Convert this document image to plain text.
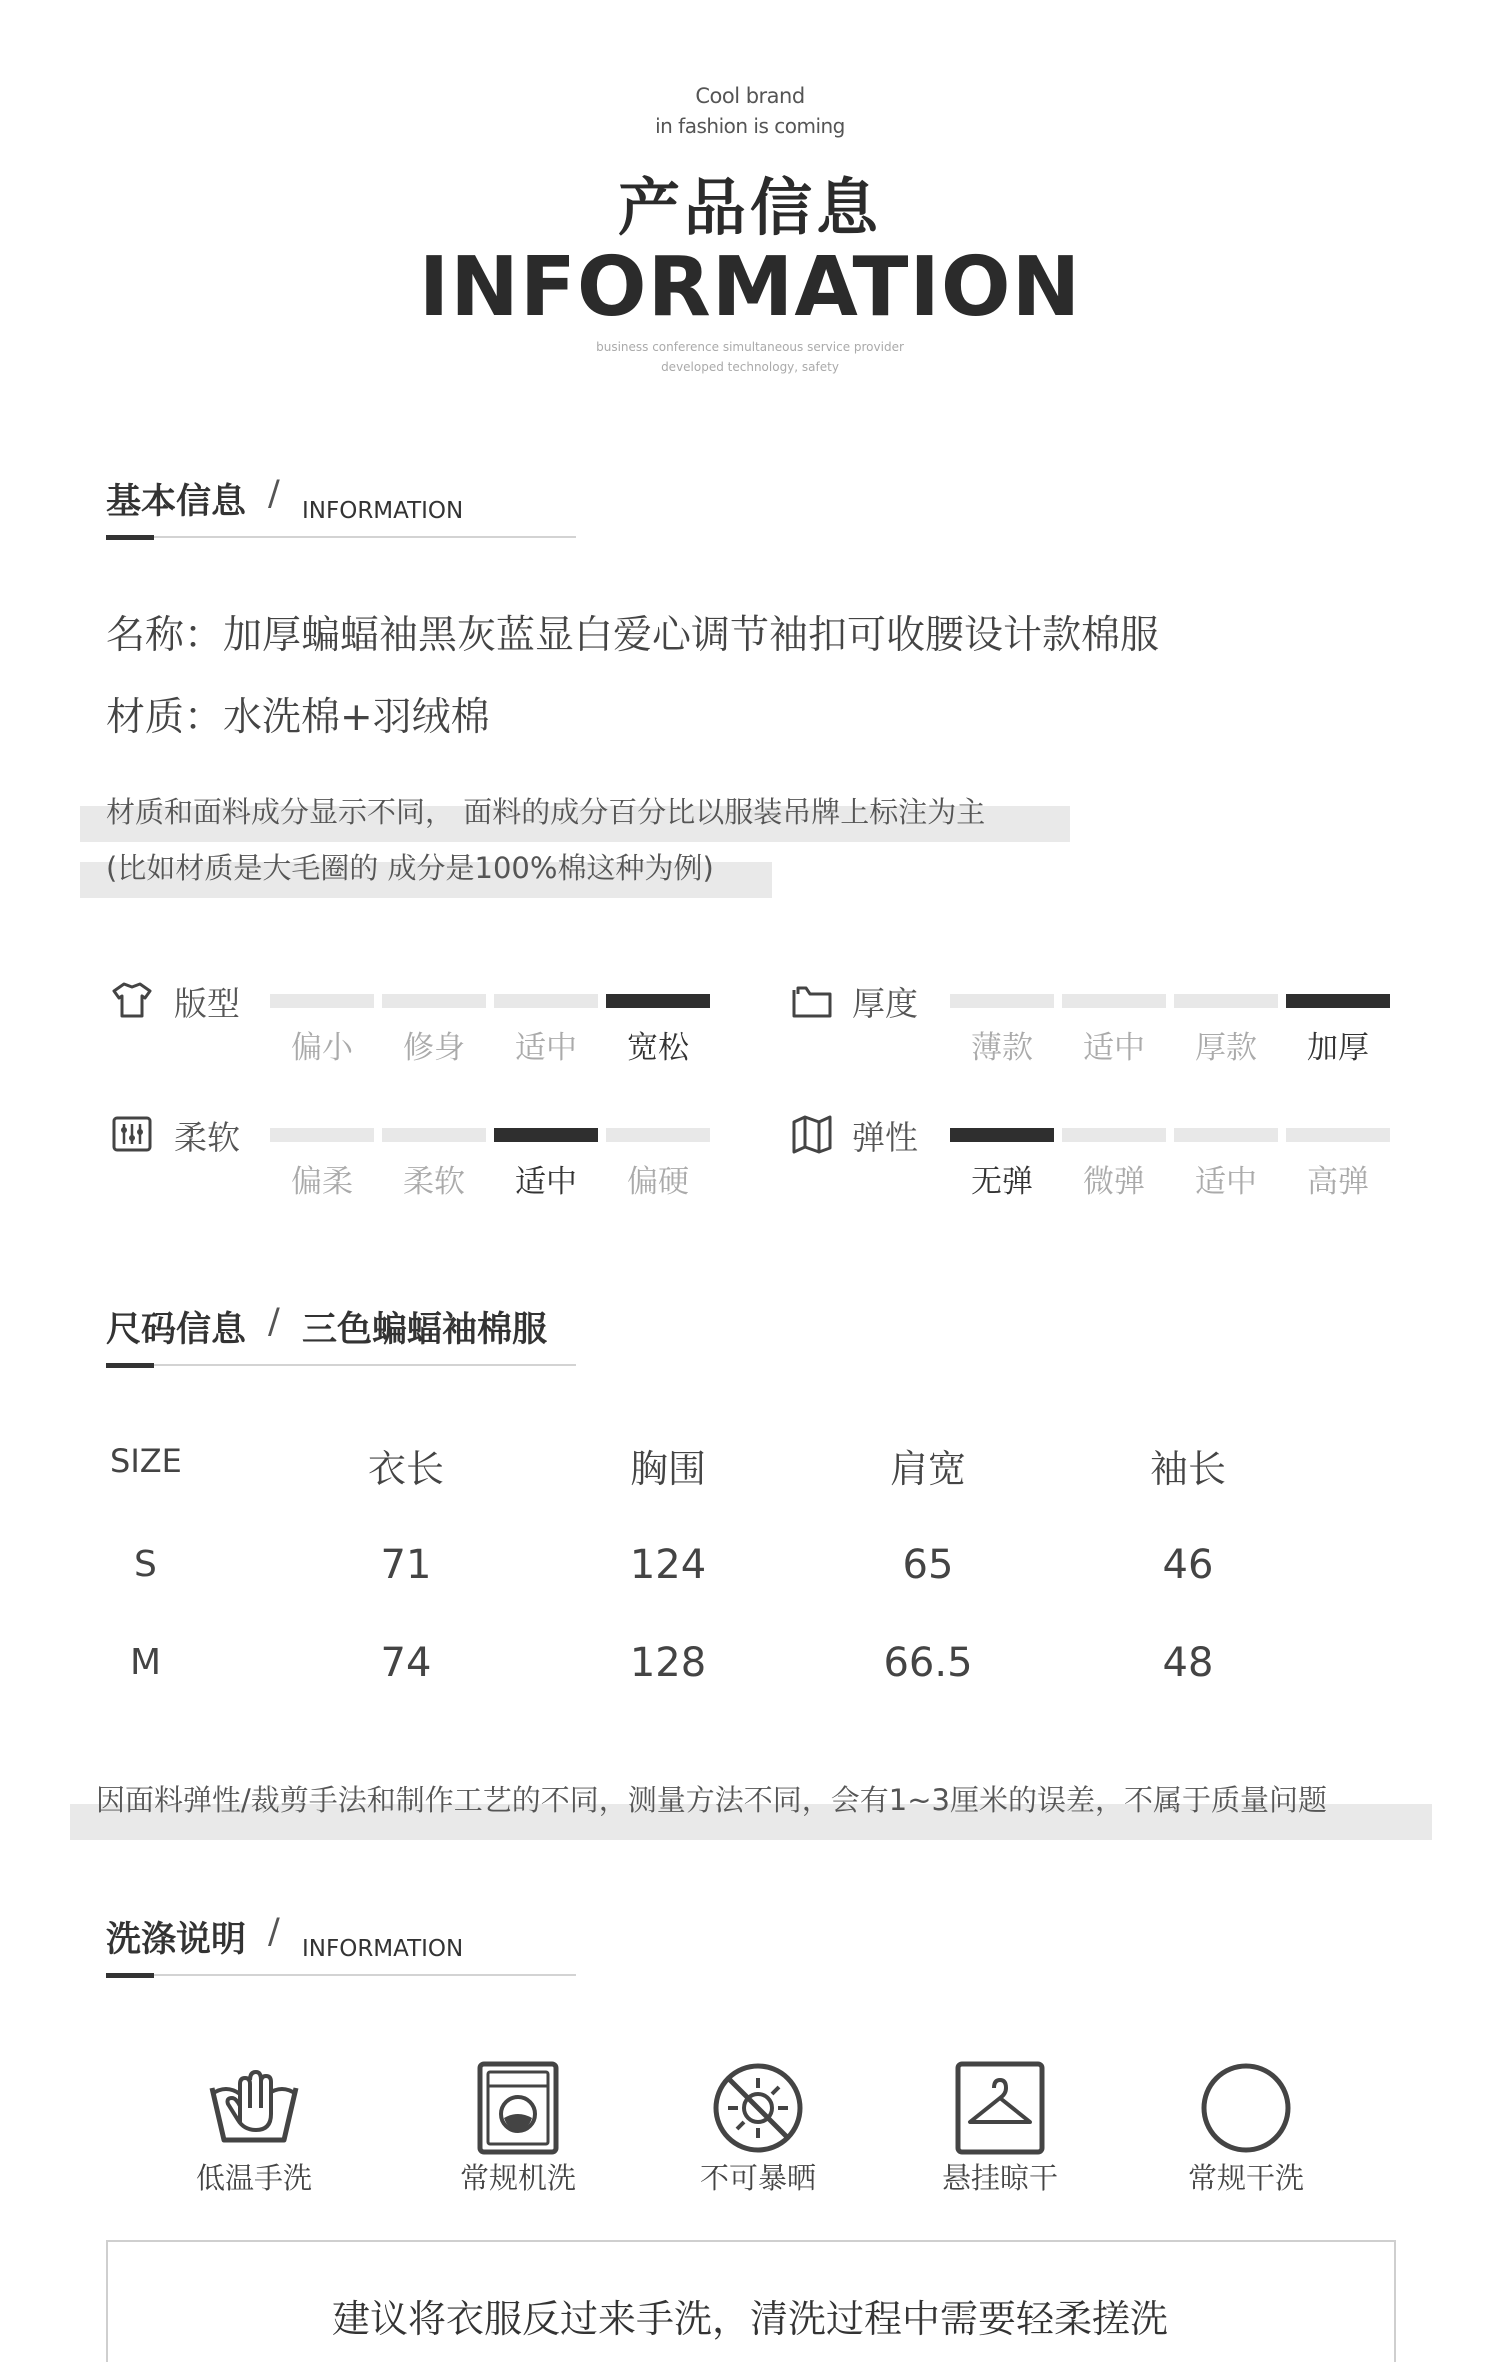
Cool brand
in fashion is coming
产品信息
INFORMATION
business conference simultaneous service provider
developed technology, safety
基本信息 / INFORMATION
名称：加厚蝙蝠袖黑灰蓝显白爱心调节袖扣可收腰设计款棉服
材质：水洗棉+羽绒棉
材质和面料成分显示不同， 面料的成分百分比以服装吊牌上标注为主
(比如材质是大毛圈的 成分是100%棉这种为例)
版型
偏小	修身	适中	宽松
厚度
薄款	适中	厚款	加厚
柔软
偏柔	柔软	适中	偏硬
弹性
无弹	微弹	适中	高弹
尺码信息 / 三色蝙蝠袖棉服
SIZE	衣长	胸围	肩宽	袖长
S	71	124	65	46
M	74	128	66.5	48
因面料弹性/裁剪手法和制作工艺的不同，测量方法不同，会有1~3厘米的误差，不属于质量问题
洗涤说明 / INFORMATION
低温手洗	常规机洗	不可暴晒	悬挂晾干	常规干洗
建议将衣服反过来手洗，清洗过程中需要轻柔搓洗
